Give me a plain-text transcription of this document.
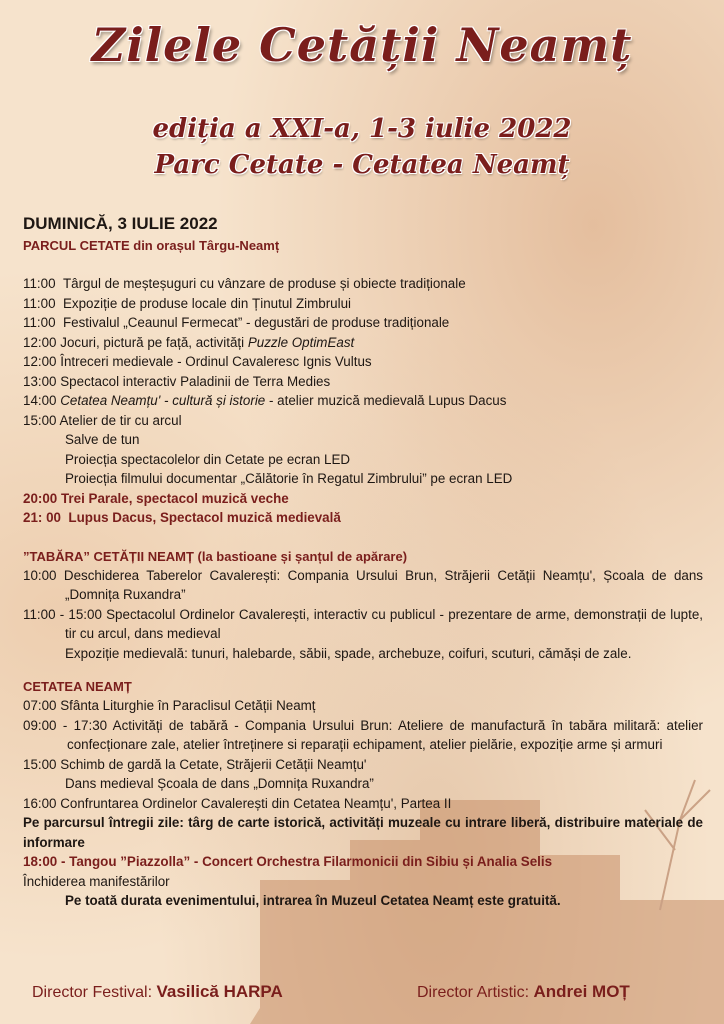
Zilele Cetății Neamț
ediția a XXI-a, 1-3 iulie 2022
Parc Cetate - Cetatea Neamț
DUMINICĂ, 3 IULIE 2022
PARCUL CETATE din orașul Târgu-Neamț
11:00 Târgul de meșteșuguri cu vânzare de produse și obiecte tradiționale
11:00 Expoziție de produse locale din Ținutul Zimbrului
11:00 Festivalul „Ceaunul Fermecat” - degustări de produse tradiționale
12:00 Jocuri, pictură pe față, activități Puzzle OptimEast
12:00 Întreceri medievale - Ordinul Cavaleresc Ignis Vultus
13:00 Spectacol interactiv Paladinii de Terra Medies
14:00 Cetatea Neamțu' - cultură și istorie - atelier muzică medievală Lupus Dacus
15:00 Atelier de tir cu arcul
Salve de tun
Proiecția spectacolelor din Cetate pe ecran LED
Proiecția filmului documentar „Călătorie în Regatul Zimbrului” pe ecran LED
20:00 Trei Parale, spectacol muzică veche
21: 00 Lupus Dacus, Spectacol muzică medievală
”TABĂRA” CETĂȚII NEAMȚ (la bastioane și șanțul de apărare)
10:00 Deschiderea Taberelor Cavalerești: Compania Ursului Brun, Străjerii Cetății Neamțu', Școala de dans „Domnița Ruxandra”
11:00 - 15:00 Spectacolul Ordinelor Cavalerești, interactiv cu publicul - prezentare de arme, demonstrații de lupte, tir cu arcul, dans medieval
Expoziție medievală: tunuri, halebarde, săbii, spade, archebuze, coifuri, scuturi, cămăși de zale.
CETATEA NEAMȚ
07:00 Sfânta Liturghie în Paraclisul Cetății Neamț
09:00 - 17:30 Activități de tabără - Compania Ursului Brun: Ateliere de manufactură în tabăra militară: atelier confecționare zale, atelier întreținere si reparații echipament, atelier pielărie, expoziție arme și armuri
15:00 Schimb de gardă la Cetate, Străjerii Cetății Neamțu'
Dans medieval Școala de dans „Domnița Ruxandra”
16:00 Confruntarea Ordinelor Cavalerești din Cetatea Neamțu', Partea II
Pe parcursul întregii zile: târg de carte istorică, activități muzeale cu intrare liberă, distribuire materiale de informare
18:00 - Tangou ”Piazzolla” - Concert Orchestra Filarmonicii din Sibiu și Analia Selis
Închiderea manifestărilor
Pe toată durata evenimentului, intrarea în Muzeul Cetatea Neamț este gratuită.
Director Festival: Vasilică HARPA	Director Artistic: Andrei MOȚ
